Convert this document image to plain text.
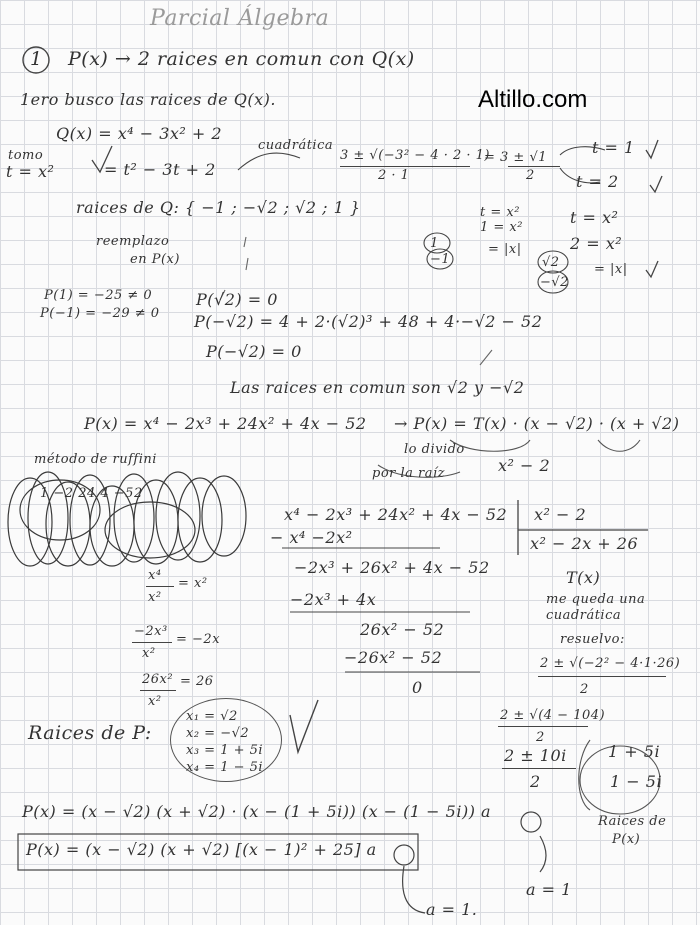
Altillo.com
Parcial Álgebra
1 P(x) → 2 raices en comun con Q(x)
1ero busco las raices de Q(x).
Q(x) = x⁴ − 3x² + 2
tomo
t = x²	= t² − 3t + 2
cuadrática
3 ± √(−3² − 4 · 2 · 1)
2 · 1
= 3 ± √1
2
t = 1
t = 2
t = x²
1 = x²
1
−1
= |x|
t = x²
2 = x²
√2
−√2
= |x|
raices de Q: { −1 ; −√2 ; √2 ; 1 }
reemplazo
en P(x)
P(1) = −25 ≠ 0
P(−1) = −29 ≠ 0
P(√2) = 0
P(−√2) = 4 + 2·(√2)³ + 48 + 4·−√2 − 52
P(−√2) = 0
Las raices en comun son √2 y −√2
P(x) = x⁴ − 2x³ + 24x² + 4x − 52 → P(x) = T(x) · (x − √2) · (x + √2)
lo divido
por la raíz	x² − 2
método de ruffini
1 −2 24 4 −52
x⁴ − 2x³ + 24x² + 4x − 52
− x⁴ −2x²
−2x³ + 26x² + 4x − 52
−2x³ + 4x
26x² − 52
−26x² − 52
0
x² − 2
x² − 2x + 26
x⁴
x²
= x²
−2x³
x²
= −2x
26x²
x²
= 26
T(x)
me queda una
cuadrática
resuelvo:
2 ± √(−2² − 4·1·26)
2
2 ± √(4 − 104)
2
2 ± 10i
2
1 + 5i
1 − 5i
Raices de
P(x)
Raices de P:
x₁ = √2
x₂ = −√2
x₃ = 1 + 5i
x₄ = 1 − 5i
P(x) = (x − √2) (x + √2) · (x − (1 + 5i)) (x − (1 − 5i)) a
P(x) = (x − √2) (x + √2) [(x − 1)² + 25] a
a = 1
a = 1.
